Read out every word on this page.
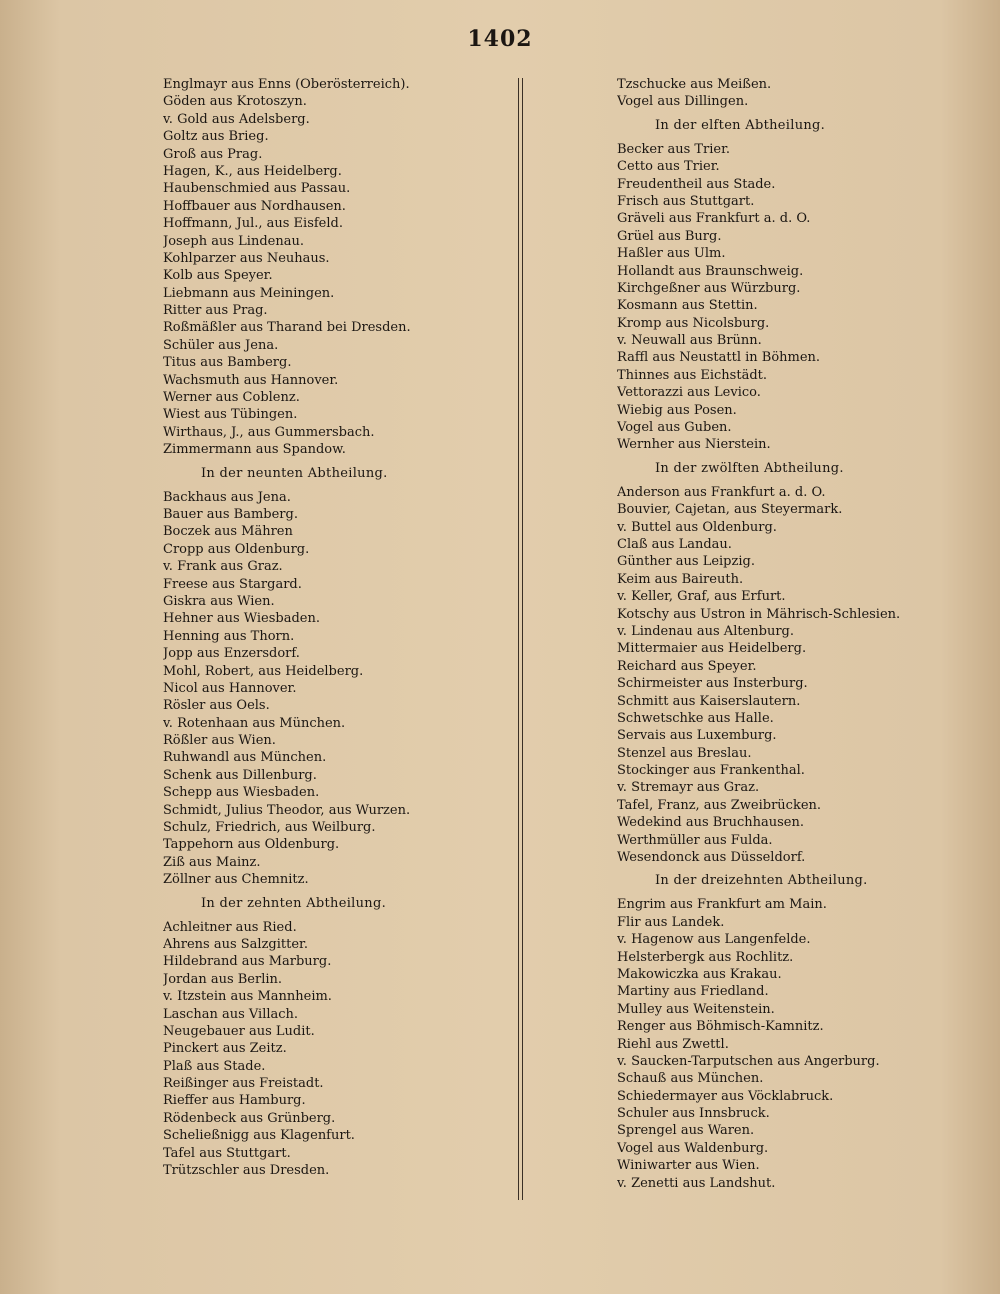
1402
Englmayr aus Enns (Oberösterreich).
Göden aus Krotoszyn.
v. Gold aus Adelsberg.
Goltz aus Brieg.
Groß aus Prag.
Hagen, K., aus Heidelberg.
Haubenschmied aus Passau.
Hoffbauer aus Nordhausen.
Hoffmann, Jul., aus Eisfeld.
Joseph aus Lindenau.
Kohlparzer aus Neuhaus.
Kolb aus Speyer.
Liebmann aus Meiningen.
Ritter aus Prag.
Roßmäßler aus Tharand bei Dresden.
Schüler aus Jena.
Titus aus Bamberg.
Wachsmuth aus Hannover.
Werner aus Coblenz.
Wiest aus Tübingen.
Wirthaus, J., aus Gummersbach.
Zimmermann aus Spandow.
In der neunten Abtheilung.
Backhaus aus Jena.
Bauer aus Bamberg.
Boczek aus Mähren
Cropp aus Oldenburg.
v. Frank aus Graz.
Freese aus Stargard.
Giskra aus Wien.
Hehner aus Wiesbaden.
Henning aus Thorn.
Jopp aus Enzersdorf.
Mohl, Robert, aus Heidelberg.
Nicol aus Hannover.
Rösler aus Oels.
v. Rotenhaan aus München.
Rößler aus Wien.
Ruhwandl aus München.
Schenk aus Dillenburg.
Schepp aus Wiesbaden.
Schmidt, Julius Theodor, aus Wurzen.
Schulz, Friedrich, aus Weilburg.
Tappehorn aus Oldenburg.
Ziß aus Mainz.
Zöllner aus Chemnitz.
In der zehnten Abtheilung.
Achleitner aus Ried.
Ahrens aus Salzgitter.
Hildebrand aus Marburg.
Jordan aus Berlin.
v. Itzstein aus Mannheim.
Laschan aus Villach.
Neugebauer aus Ludit.
Pinckert aus Zeitz.
Plaß aus Stade.
Reißinger aus Freistadt.
Rieffer aus Hamburg.
Rödenbeck aus Grünberg.
Scheließnigg aus Klagenfurt.
Tafel aus Stuttgart.
Trützschler aus Dresden.
Tzschucke aus Meißen.
Vogel aus Dillingen.
In der elften Abtheilung.
Becker aus Trier.
Cetto aus Trier.
Freudentheil aus Stade.
Frisch aus Stuttgart.
Gräveli aus Frankfurt a. d. O.
Grüel aus Burg.
Haßler aus Ulm.
Hollandt aus Braunschweig.
Kirchgeßner aus Würzburg.
Kosmann aus Stettin.
Kromp aus Nicolsburg.
v. Neuwall aus Brünn.
Raffl aus Neustattl in Böhmen.
Thinnes aus Eichstädt.
Vettorazzi aus Levico.
Wiebig aus Posen.
Vogel aus Guben.
Wernher aus Nierstein.
In der zwölften Abtheilung.
Anderson aus Frankfurt a. d. O.
Bouvier, Cajetan, aus Steyermark.
v. Buttel aus Oldenburg.
Claß aus Landau.
Günther aus Leipzig.
Keim aus Baireuth.
v. Keller, Graf, aus Erfurt.
Kotschy aus Ustron in Mährisch-Schlesien.
v. Lindenau aus Altenburg.
Mittermaier aus Heidelberg.
Reichard aus Speyer.
Schirmeister aus Insterburg.
Schmitt aus Kaiserslautern.
Schwetschke aus Halle.
Servais aus Luxemburg.
Stenzel aus Breslau.
Stockinger aus Frankenthal.
v. Stremayr aus Graz.
Tafel, Franz, aus Zweibrücken.
Wedekind aus Bruchhausen.
Werthmüller aus Fulda.
Wesendonck aus Düsseldorf.
In der dreizehnten Abtheilung.
Engrim aus Frankfurt am Main.
Flir aus Landek.
v. Hagenow aus Langenfelde.
Helsterbergk aus Rochlitz.
Makowiczka aus Krakau.
Martiny aus Friedland.
Mulley aus Weitenstein.
Renger aus Böhmisch-Kamnitz.
Riehl aus Zwettl.
v. Saucken-Tarputschen aus Angerburg.
Schauß aus München.
Schiedermayer aus Vöcklabruck.
Schuler aus Innsbruck.
Sprengel aus Waren.
Vogel aus Waldenburg.
Winiwarter aus Wien.
v. Zenetti aus Landshut.
